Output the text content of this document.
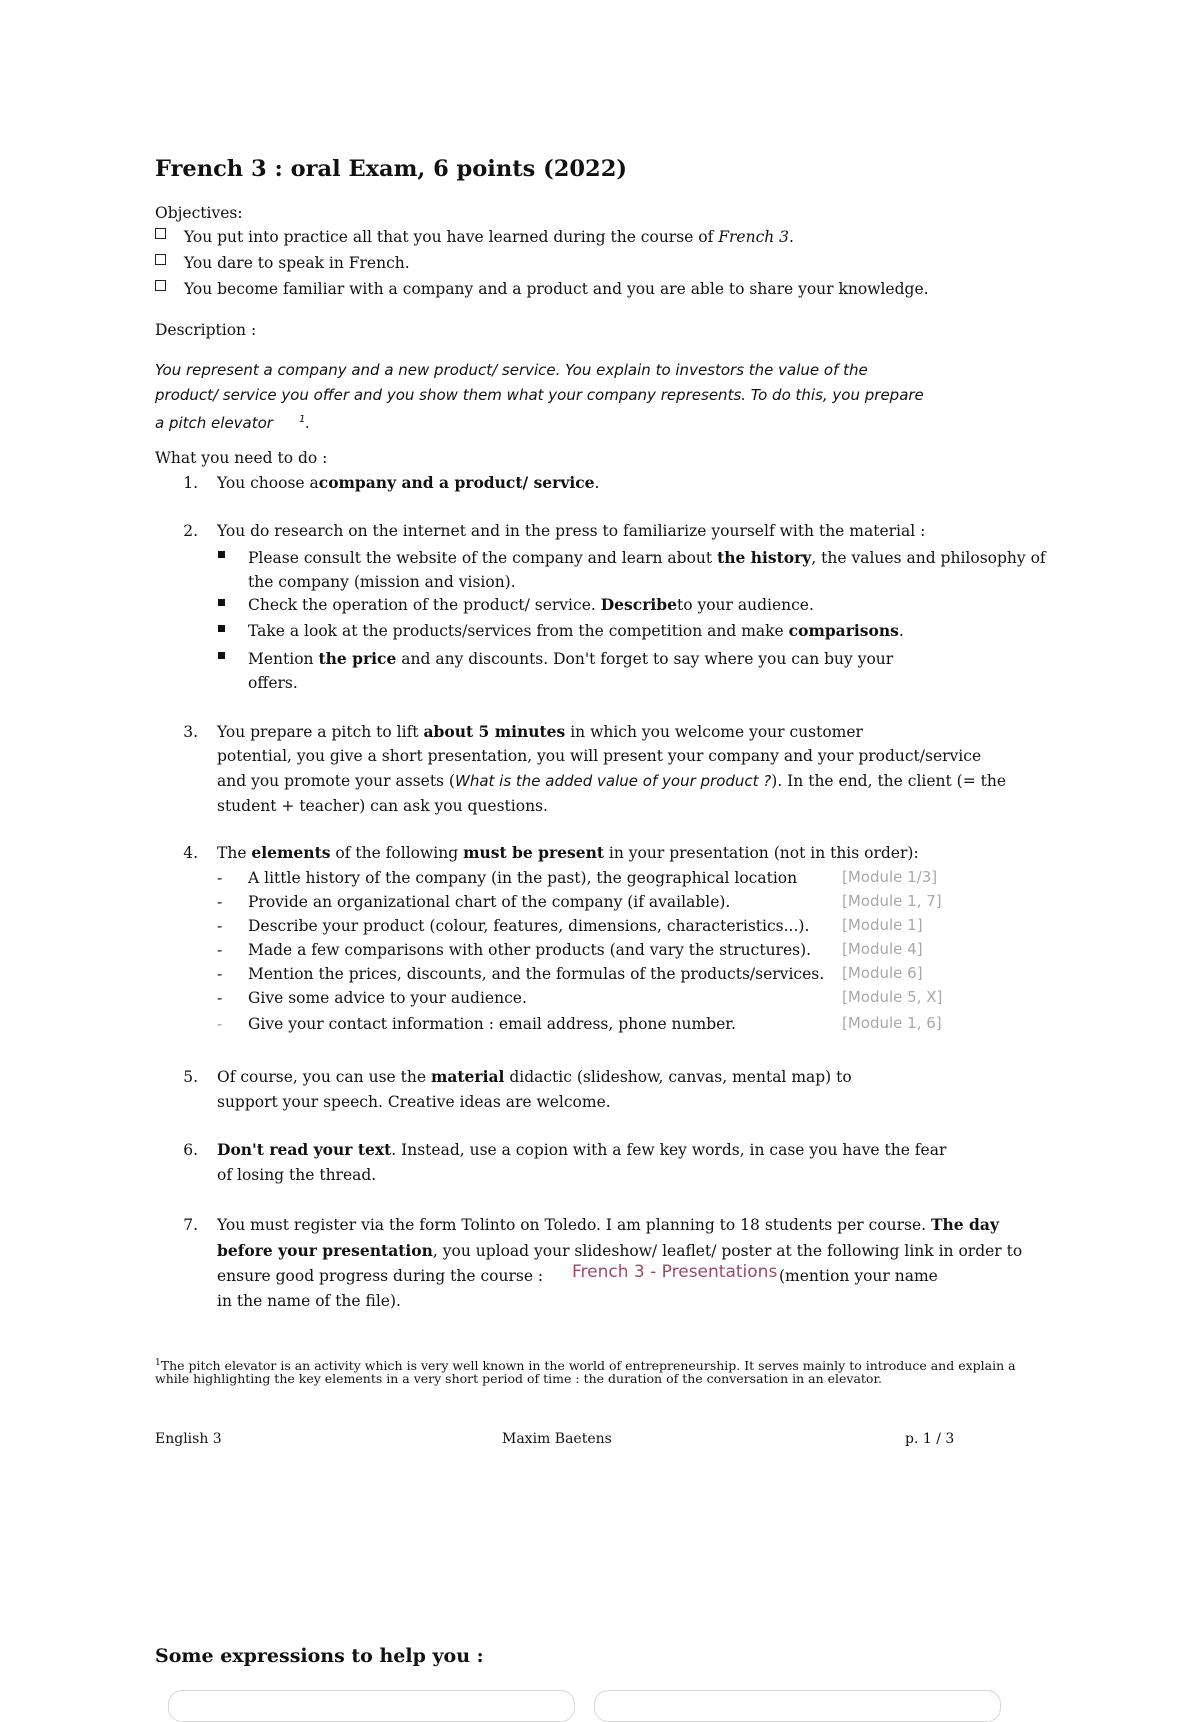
French 3 : oral Exam, 6 points (2022)
Objectives:
You put into practice all that you have learned during the course of French 3.
You dare to speak in French.
You become familiar with a company and a product and you are able to share your knowledge.
Description :
You represent a company and a new product/ service. You explain to investors the value of the
product/ service you offer and you show them what your company represents. To do this, you prepare
a pitch elevator	$^1$.
What you need to do :
1. You choose acompany and a product/ service.
2. You do research on the internet and in the press to familiarize yourself with the material :
Please consult the website of the company and learn about the history, the values and philosophy of
the company (mission and vision).
Check the operation of the product/ service. Describeto your audience.
Take a look at the products/services from the competition and make comparisons.
Mention the price and any discounts. Don't forget to say where you can buy your
offers.
3. You prepare a pitch to lift about 5 minutes in which you welcome your customer
potential, you give a short presentation, you will present your company and your product/service
and you promote your assets (What is the added value of your product ?). In the end, the client (= the
student + teacher) can ask you questions.
4. The elements of the following must be present in your presentation (not in this order):
- A little history of the company (in the past), the geographical location	[Module 1/3]
- Provide an organizational chart of the company (if available).	[Module 1, 7]
- Describe your product (colour, features, dimensions, characteristics...). [Module 1]
- Made a few comparisons with other products (and vary the structures). [Module 4]
- Mention the prices, discounts, and the formulas of the products/services. [Module 6]
- Give some advice to your audience.	[Module 5, X]
- Give your contact information : email address, phone number.	[Module 1, 6]
5. Of course, you can use the material didactic (slideshow, canvas, mental map) to
support your speech. Creative ideas are welcome.
6. Don't read your text. Instead, use a copion with a few key words, in case you have the fear
of losing the thread.
7. You must register via the form Tolinto on Toledo. I am planning to 18 students per course. The day
before your presentation, you upload your slideshow/ leaflet/ poster at the following link in order to
ensure good progress during the course : French 3 - Presentations (mention your name
in the name of the file).
$^1$The pitch elevator is an activity which is very well known in the world of entrepreneurship. It serves mainly to introduce and explain a
while highlighting the key elements in a very short period of time : the duration of the conversation in an elevator.
English 3	Maxim Baetens	p. 1 / 3
Some expressions to help you :
